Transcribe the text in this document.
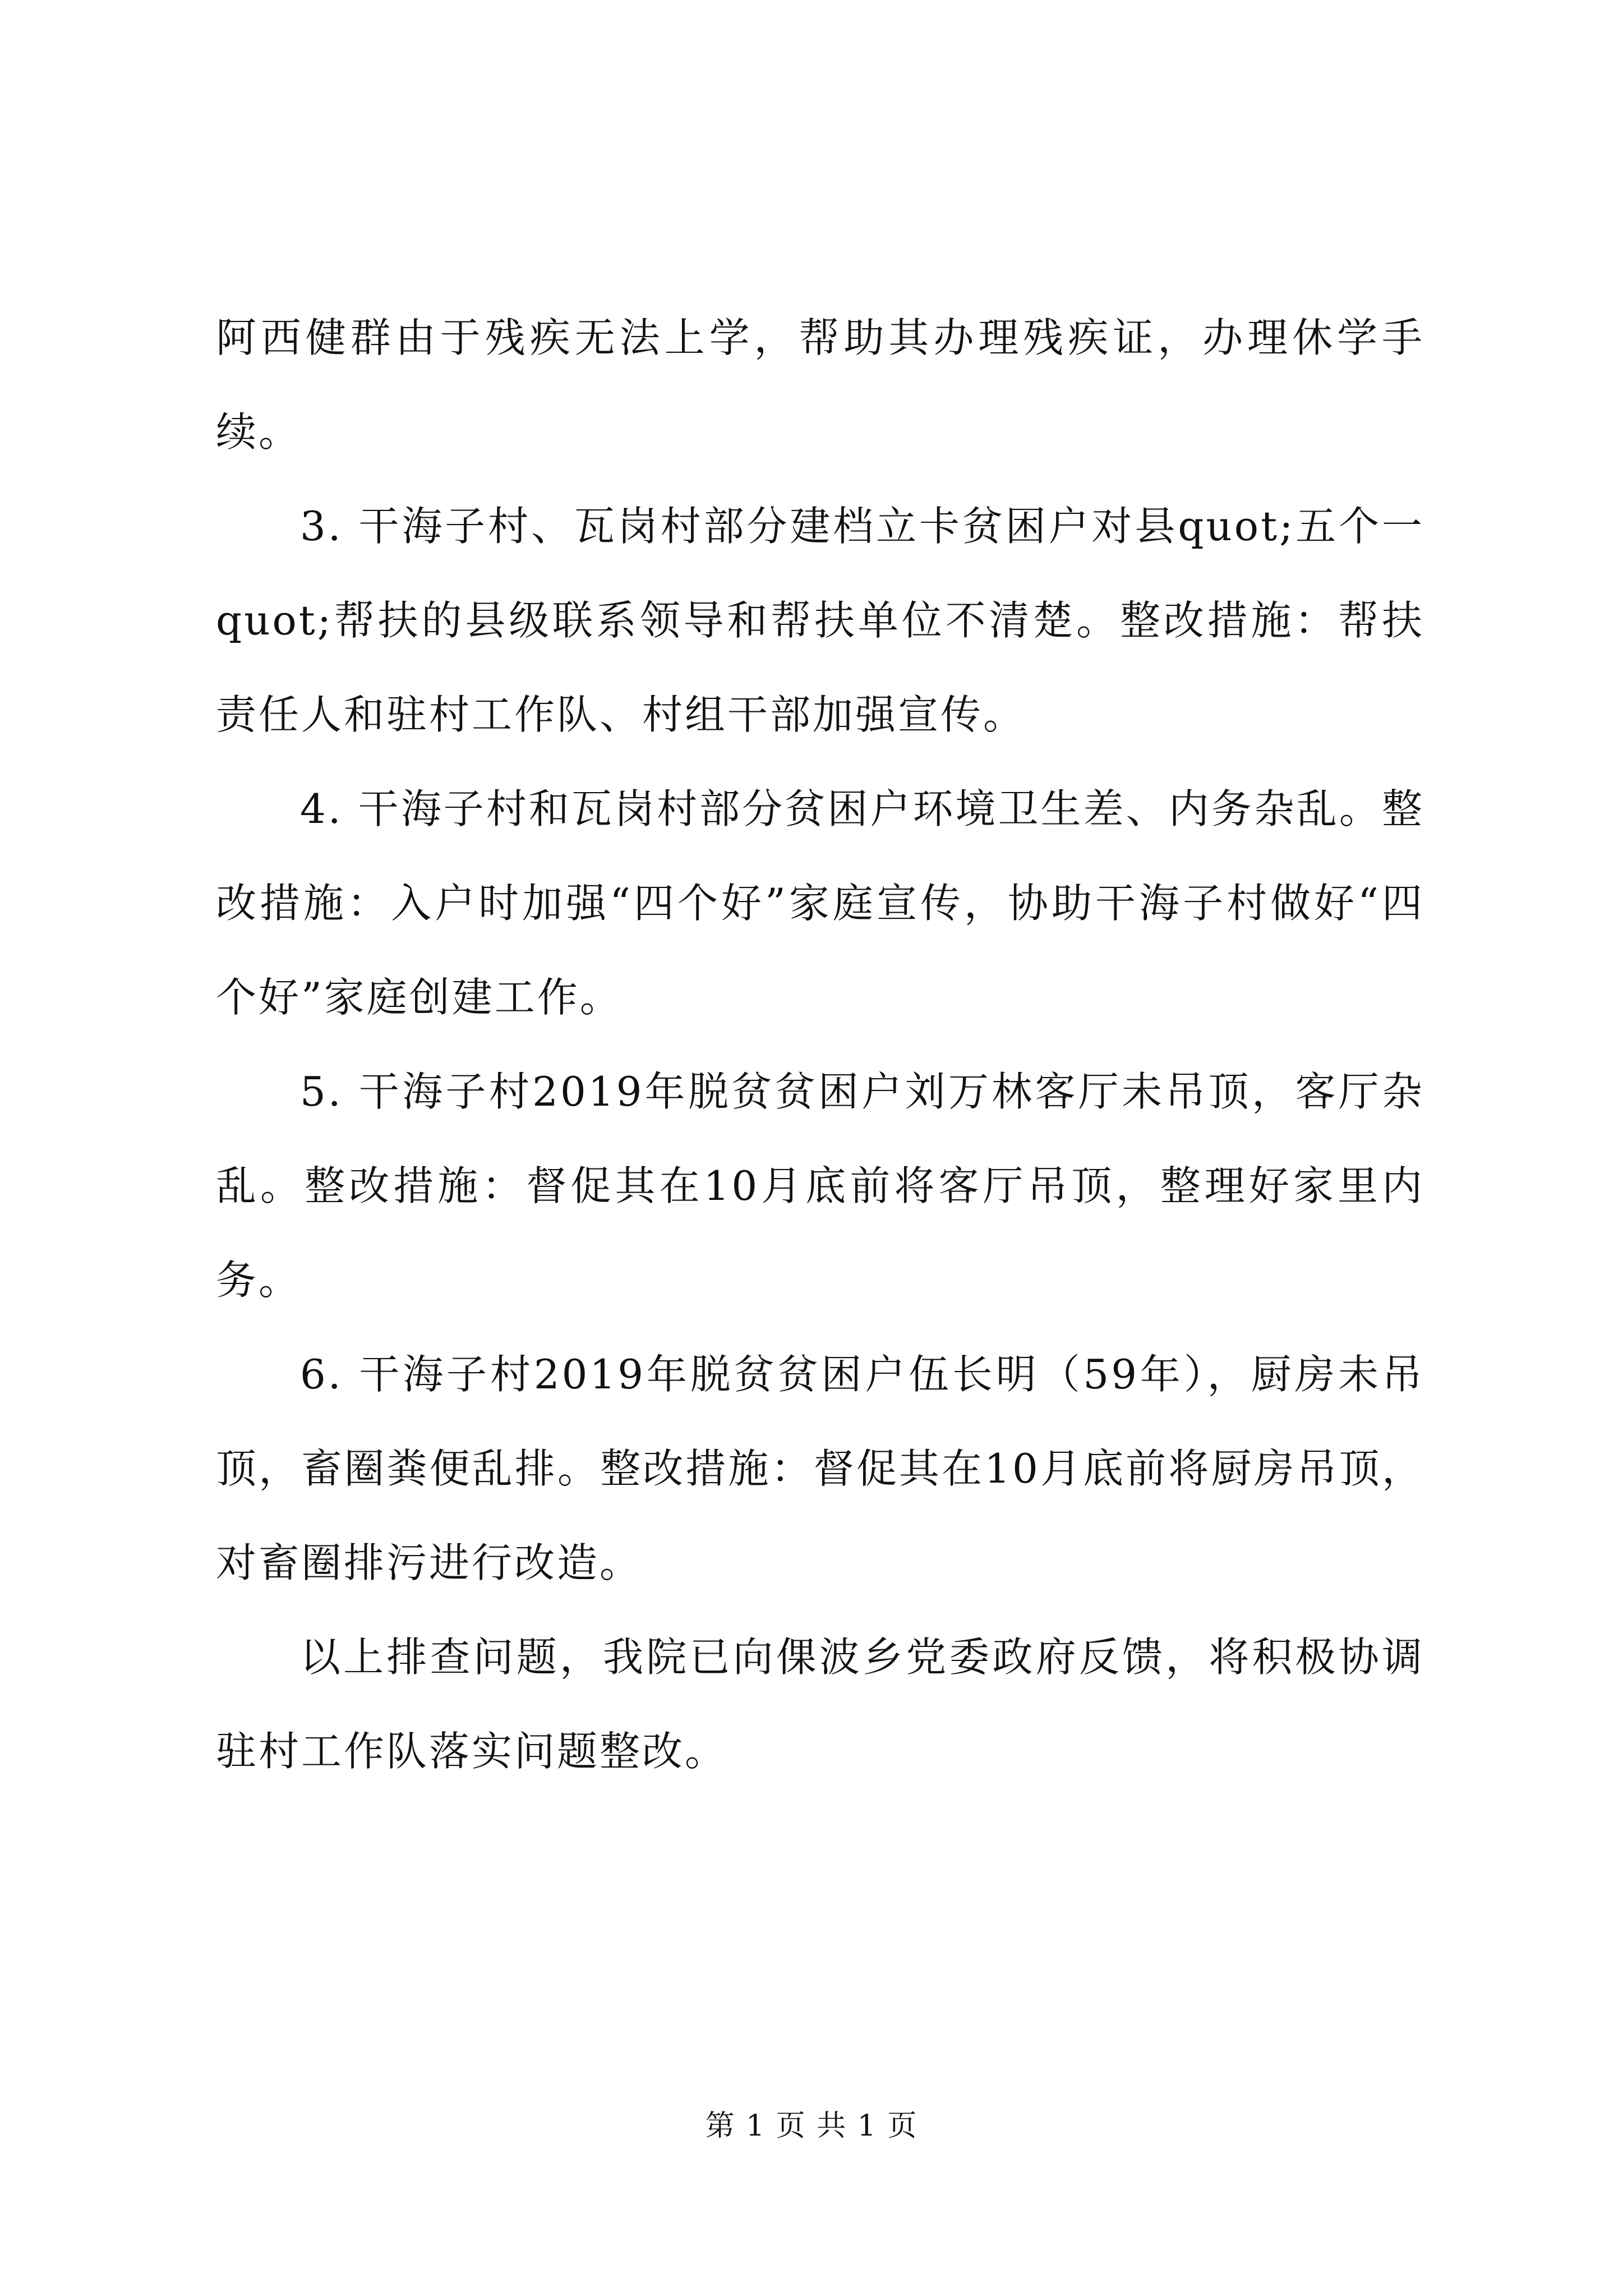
阿西健群由于残疾无法上学，帮助其办理残疾证，办理休学手续。

3. 干海子村、瓦岗村部分建档立卡贫困户对县quot;五个一quot;帮扶的县级联系领导和帮扶单位不清楚。整改措施：帮扶责任人和驻村工作队、村组干部加强宣传。

4. 干海子村和瓦岗村部分贫困户环境卫生差、内务杂乱。整改措施：入户时加强“四个好”家庭宣传，协助干海子村做好“四个好”家庭创建工作。

5. 干海子村2019年脱贫贫困户刘万林客厅未吊顶，客厅杂乱。整改措施：督促其在10月底前将客厅吊顶，整理好家里内务。

6. 干海子村2019年脱贫贫困户伍长明（59年），厨房未吊顶，畜圈粪便乱排。整改措施：督促其在10月底前将厨房吊顶，对畜圈排污进行改造。

以上排查问题，我院已向倮波乡党委政府反馈，将积极协调驻村工作队落实问题整改。

第 1 页 共 1 页
